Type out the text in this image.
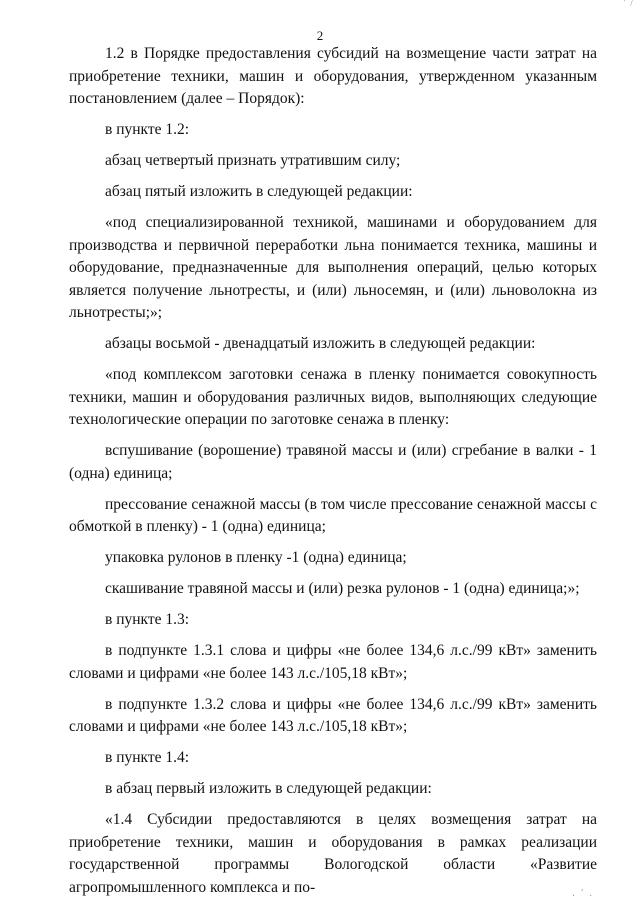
' /
2

1.2 в Порядке предоставления субсидий на возмещение части затрат на приобретение техники, машин и оборудования, утвержденном указанным постановлением (далее – Порядок):

в пункте 1.2:

абзац четвертый признать утратившим силу;

абзац пятый изложить в следующей редакции:

«под специализированной техникой, машинами и оборудованием для производства и первичной переработки льна понимается техника, машины и оборудование, предназначенные для выполнения операций, целью которых является получение льнотресты, и (или) льносемян, и (или) льноволокна из льнотресты;»;

абзацы восьмой - двенадцатый изложить в следующей редакции:

«под комплексом заготовки сенажа в пленку понимается совокупность техники, машин и оборудования различных видов, выполняющих следующие технологические операции по заготовке сенажа в пленку:

вспушивание (ворошение) травяной массы и (или) сгребание в валки - 1 (одна) единица;

прессование сенажной массы (в том числе прессование сенажной массы с обмоткой в пленку) - 1 (одна) единица;

упаковка рулонов в пленку -1 (одна) единица;

скашивание травяной массы и (или) резка рулонов - 1 (одна) единица;»;

в пункте 1.3:

в подпункте 1.3.1 слова и цифры «не более 134,6 л.с./99 кВт» заменить словами и цифрами «не более 143 л.с./105,18 кВт»;

в подпункте 1.3.2 слова и цифры «не более 134,6 л.с./99 кВт» заменить словами и цифрами «не более 143 л.с./105,18 кВт»;

в пункте 1.4:

в абзац первый изложить в следующей редакции:

«1.4 Субсидии предоставляются в целях возмещения затрат на приобретение техники, машин и оборудования в рамках реализации государственной программы Вологодской области «Развитие агропромышленного комплекса и по-	. ' .
